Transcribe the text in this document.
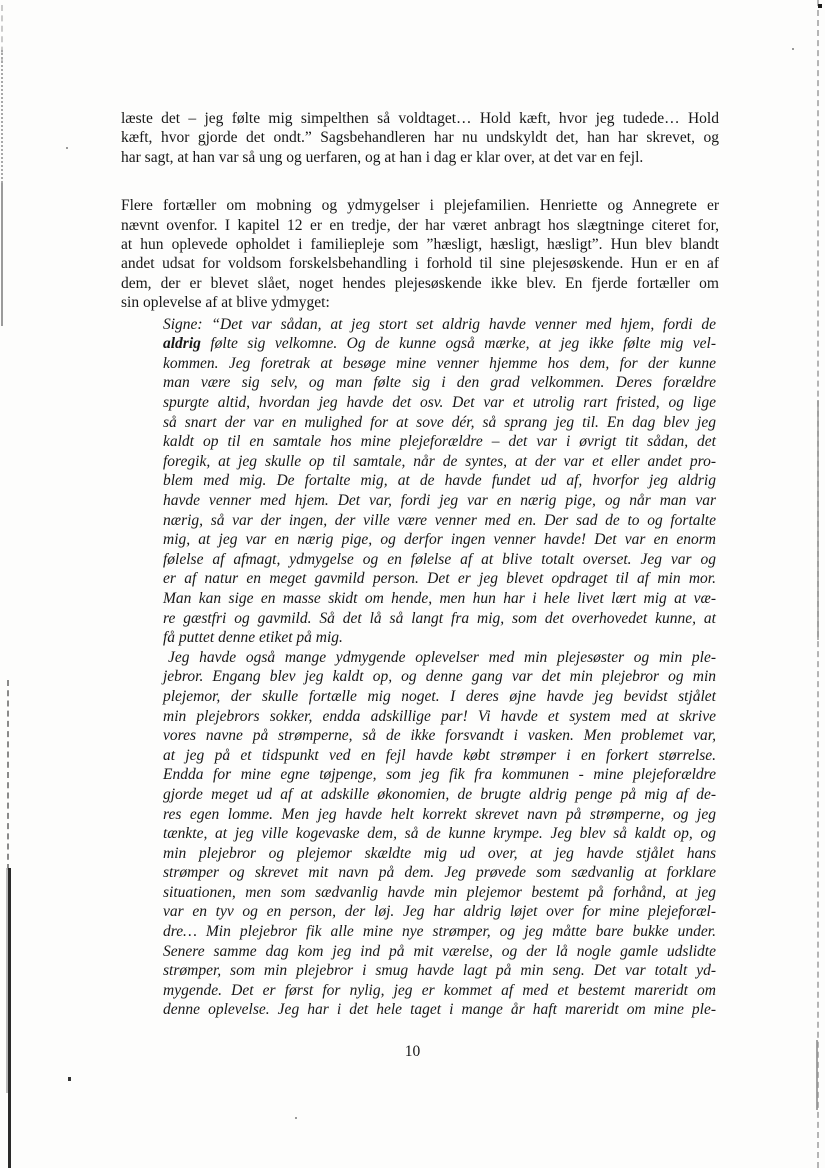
læste det – jeg følte mig simpelthen så voldtaget… Hold kæft, hvor jeg tudede… Hold
kæft, hvor gjorde det ondt.” Sagsbehandleren har nu undskyldt det, han har skrevet, og
har sagt, at han var så ung og uerfaren, og at han i dag er klar over, at det var en fejl.

Flere fortæller om mobning og ydmygelser i plejefamilien. Henriette og Annegrete er
nævnt ovenfor. I kapitel 12 er en tredje, der har været anbragt hos slægtninge citeret for,
at hun oplevede opholdet i familiepleje som ”hæsligt, hæsligt, hæsligt”. Hun blev blandt
andet udsat for voldsom forskelsbehandling i forhold til sine plejesøskende. Hun er en af
dem, der er blevet slået, noget hendes plejesøskende ikke blev. En fjerde fortæller om
sin oplevelse af at blive ydmyget:

Signe: “Det var sådan, at jeg stort set aldrig havde venner med hjem, fordi de
aldrig følte sig velkomne. Og de kunne også mærke, at jeg ikke følte mig vel-
kommen. Jeg foretrak at besøge mine venner hjemme hos dem, for der kunne
man være sig selv, og man følte sig i den grad velkommen. Deres forældre
spurgte altid, hvordan jeg havde det osv. Det var et utrolig rart fristed, og lige
så snart der var en mulighed for at sove dér, så sprang jeg til. En dag blev jeg
kaldt op til en samtale hos mine plejeforældre – det var i øvrigt tit sådan, det
foregik, at jeg skulle op til samtale, når de syntes, at der var et eller andet pro-
blem med mig. De fortalte mig, at de havde fundet ud af, hvorfor jeg aldrig
havde venner med hjem. Det var, fordi jeg var en nærig pige, og når man var
nærig, så var der ingen, der ville være venner med en. Der sad de to og fortalte
mig, at jeg var en nærig pige, og derfor ingen venner havde! Det var en enorm
følelse af afmagt, ydmygelse og en følelse af at blive totalt overset. Jeg var og
er af natur en meget gavmild person. Det er jeg blevet opdraget til af min mor.
Man kan sige en masse skidt om hende, men hun har i hele livet lært mig at væ-
re gæstfri og gavmild. Så det lå så langt fra mig, som det overhovedet kunne, at
få puttet denne etiket på mig.
Jeg havde også mange ydmygende oplevelser med min plejesøster og min ple-
jebror. Engang blev jeg kaldt op, og denne gang var det min plejebror og min
plejemor, der skulle fortælle mig noget. I deres øjne havde jeg bevidst stjålet
min plejebrors sokker, endda adskillige par! Vi havde et system med at skrive
vores navne på strømperne, så de ikke forsvandt i vasken. Men problemet var,
at jeg på et tidspunkt ved en fejl havde købt strømper i en forkert størrelse.
Endda for mine egne tøjpenge, som jeg fik fra kommunen - mine plejeforældre
gjorde meget ud af at adskille økonomien, de brugte aldrig penge på mig af de-
res egen lomme. Men jeg havde helt korrekt skrevet navn på strømperne, og jeg
tænkte, at jeg ville kogevaske dem, så de kunne krympe. Jeg blev så kaldt op, og
min plejebror og plejemor skældte mig ud over, at jeg havde stjålet hans
strømper og skrevet mit navn på dem. Jeg prøvede som sædvanlig at forklare
situationen, men som sædvanlig havde min plejemor bestemt på forhånd, at jeg
var en tyv og en person, der løj. Jeg har aldrig løjet over for mine plejeforæl-
dre… Min plejebror fik alle mine nye strømper, og jeg måtte bare bukke under.
Senere samme dag kom jeg ind på mit værelse, og der lå nogle gamle udslidte
strømper, som min plejebror i smug havde lagt på min seng. Det var totalt yd-
mygende. Det er først for nylig, jeg er kommet af med et bestemt mareridt om
denne oplevelse. Jeg har i det hele taget i mange år haft mareridt om mine ple-
10
